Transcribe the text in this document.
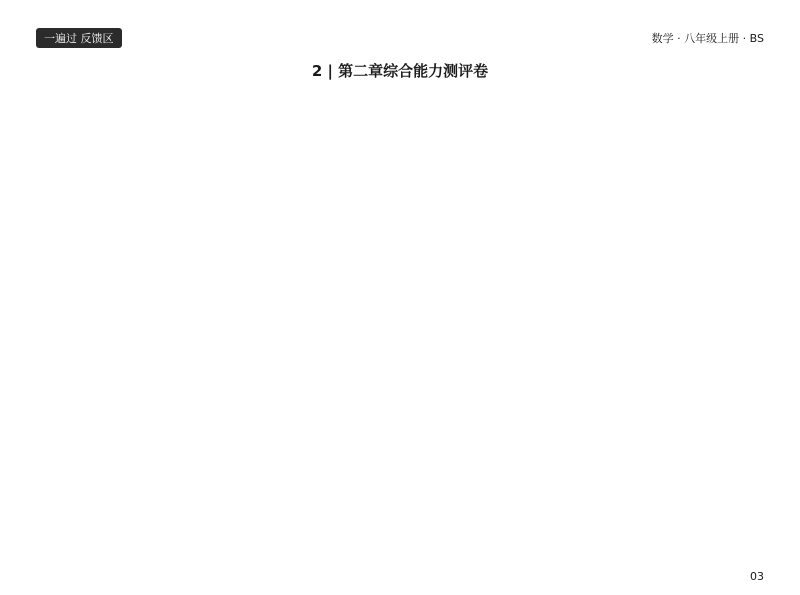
一遍过 反馈区	数学 · 八年级上册 · BS
2 | 第二章综合能力测评卷
03
